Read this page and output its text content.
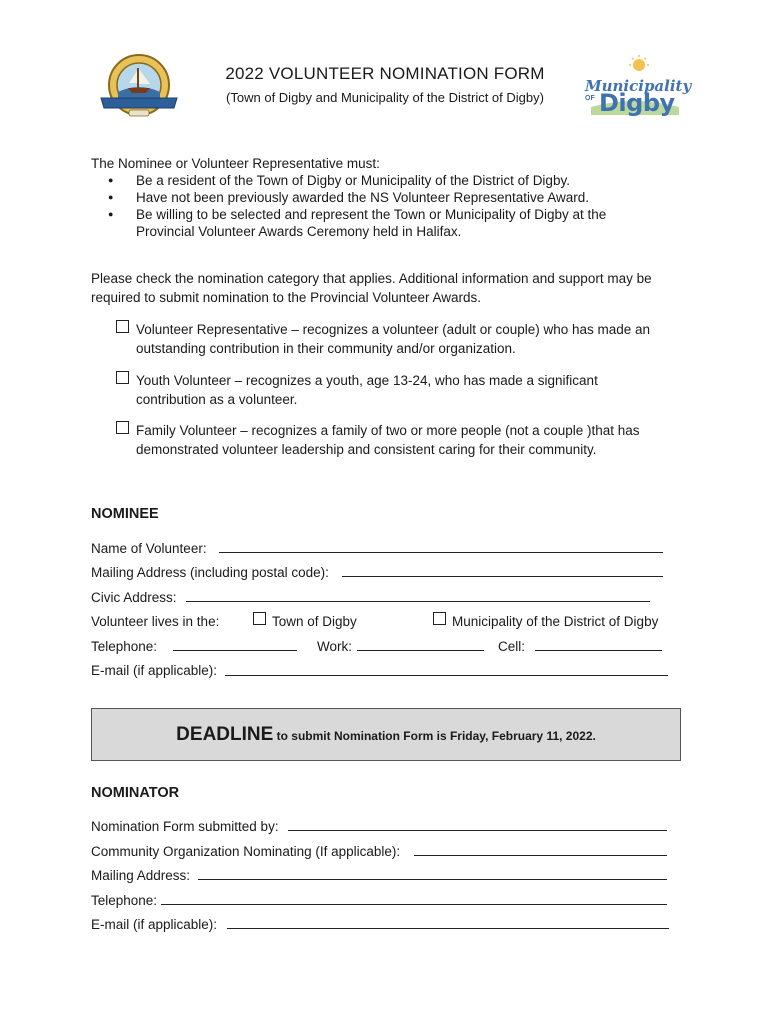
Municipality
OF Digby
2022 VOLUNTEER NOMINATION FORM
(Town of Digby and Municipality of the District of Digby)
The Nominee or Volunteer Representative must:
● Be a resident of the Town of Digby or Municipality of the District of Digby.
● Have not been previously awarded the NS Volunteer Representative Award.
● Be willing to be selected and represent the Town or Municipality of Digby at the
Provincial Volunteer Awards Ceremony held in Halifax.
Please check the nomination category that applies. Additional information and support may be
required to submit nomination to the Provincial Volunteer Awards.
Volunteer Representative – recognizes a volunteer (adult or couple) who has made an
outstanding contribution in their community and/or organization.
Youth Volunteer – recognizes a youth, age 13-24, who has made a significant
contribution as a volunteer.
Family Volunteer – recognizes a family of two or more people (not a couple )that has
demonstrated volunteer leadership and consistent caring for their community.
NOMINEE
Name of Volunteer:
Mailing Address (including postal code):
Civic Address:
Volunteer lives in the:	Town of Digby	Municipality of the District of Digby
Telephone:	Work:	Cell:
E-mail (if applicable):
DEADLINE to submit Nomination Form is Friday, February 11, 2022.
NOMINATOR
Nomination Form submitted by:
Community Organization Nominating (If applicable):
Mailing Address:
Telephone:
E-mail (if applicable):
